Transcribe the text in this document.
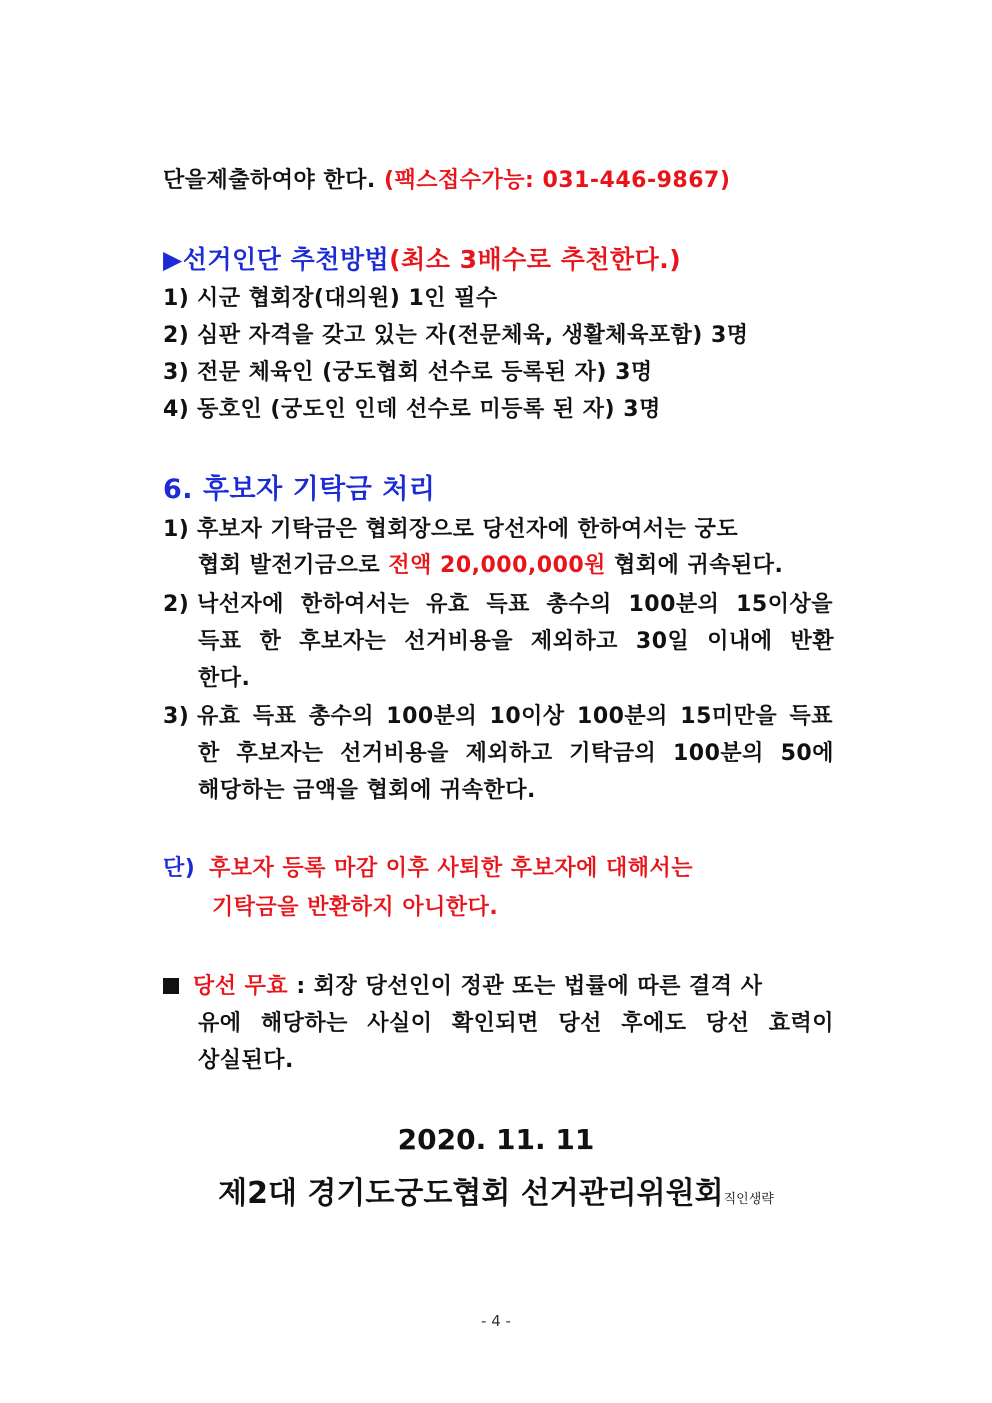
단을제출하여야 한다. (팩스접수가능: 031-446-9867)
▶선거인단 추천방법(최소 3배수로 추천한다.)
1) 시군 협회장(대의원) 1인 필수
2) 심판 자격을 갖고 있는 자(전문체육, 생활체육포함) 3명
3) 전문 체육인 (궁도협회 선수로 등록된 자) 3명
4) 동호인 (궁도인 인데 선수로 미등록 된 자) 3명
6. 후보자 기탁금 처리
1) 후보자 기탁금은 협회장으로 당선자에 한하여서는 궁도
협회 발전기금으로 전액 20,000,000원 협회에 귀속된다.
2) 낙선자에 한하여서는 유효 득표 총수의 100분의 15이상을
득표 한 후보자는 선거비용을 제외하고 30일 이내에 반환
한다.
3) 유효 득표 총수의 100분의 10이상 100분의 15미만을 득표
한 후보자는 선거비용을 제외하고 기탁금의 100분의 50에
해당하는 금액을 협회에 귀속한다.
단) 후보자 등록 마감 이후 사퇴한 후보자에 대해서는
기탁금을 반환하지 아니한다.
당선 무효 : 회장 당선인이 정관 또는 법률에 따른 결격 사
유에 해당하는 사실이 확인되면 당선 후에도 당선 효력이
상실된다.
2020. 11. 11
제2대 경기도궁도협회 선거관리위원회직인생략
- 4 -
